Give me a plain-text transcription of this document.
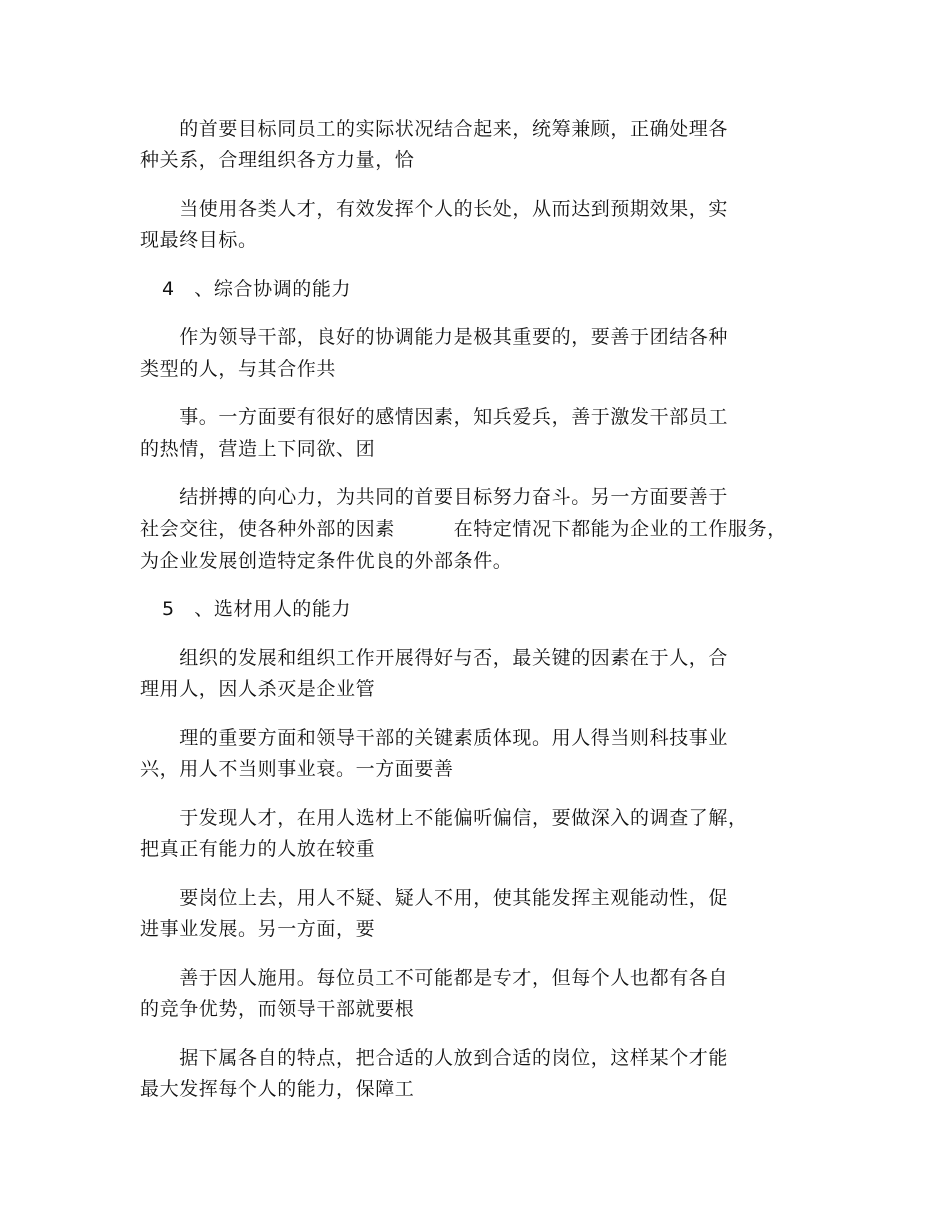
　　的首要目标同员工的实际状况结合起来，统筹兼顾，正确处理各
种关系，合理组织各方力量，恰
　　当使用各类人才，有效发挥个人的长处，从而达到预期效果，实
现最终目标。
4　、综合协调的能力
　　作为领导干部，良好的协调能力是极其重要的，要善于团结各种
类型的人，与其合作共
　　事。一方面要有很好的感情因素，知兵爱兵，善于激发干部员工
的热情，营造上下同欲、团
　　结拼搏的向心力，为共同的首要目标努力奋斗。另一方面要善于
社会交往，使各种外部的因素　　　在特定情况下都能为企业的工作服务，
为企业发展创造特定条件优良的外部条件。
5　、选材用人的能力
　　组织的发展和组织工作开展得好与否，最关键的因素在于人，合
理用人，因人杀灭是企业管
　　理的重要方面和领导干部的关键素质体现。用人得当则科技事业
兴，用人不当则事业衰。一方面要善
　　于发现人才，在用人选材上不能偏听偏信，要做深入的调查了解，
把真正有能力的人放在较重
　　要岗位上去，用人不疑、疑人不用，使其能发挥主观能动性，促
进事业发展。另一方面，要
　　善于因人施用。每位员工不可能都是专才，但每个人也都有各自
的竞争优势，而领导干部就要根
　　据下属各自的特点，把合适的人放到合适的岗位，这样某个才能
最大发挥每个人的能力，保障工
